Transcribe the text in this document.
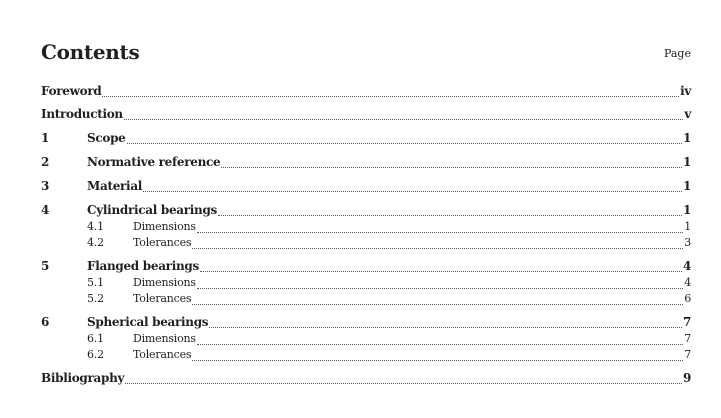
Contents	Page
Foreword	iv
Introduction	v
1	Scope	1
2	Normative reference	1
3	Material	1
4	Cylindrical bearings	1
4.1	Dimensions	1
4.2	Tolerances	3
5	Flanged bearings	4
5.1	Dimensions	4
5.2	Tolerances	6
6	Spherical bearings	7
6.1	Dimensions	7
6.2	Tolerances	7
Bibliography	9
